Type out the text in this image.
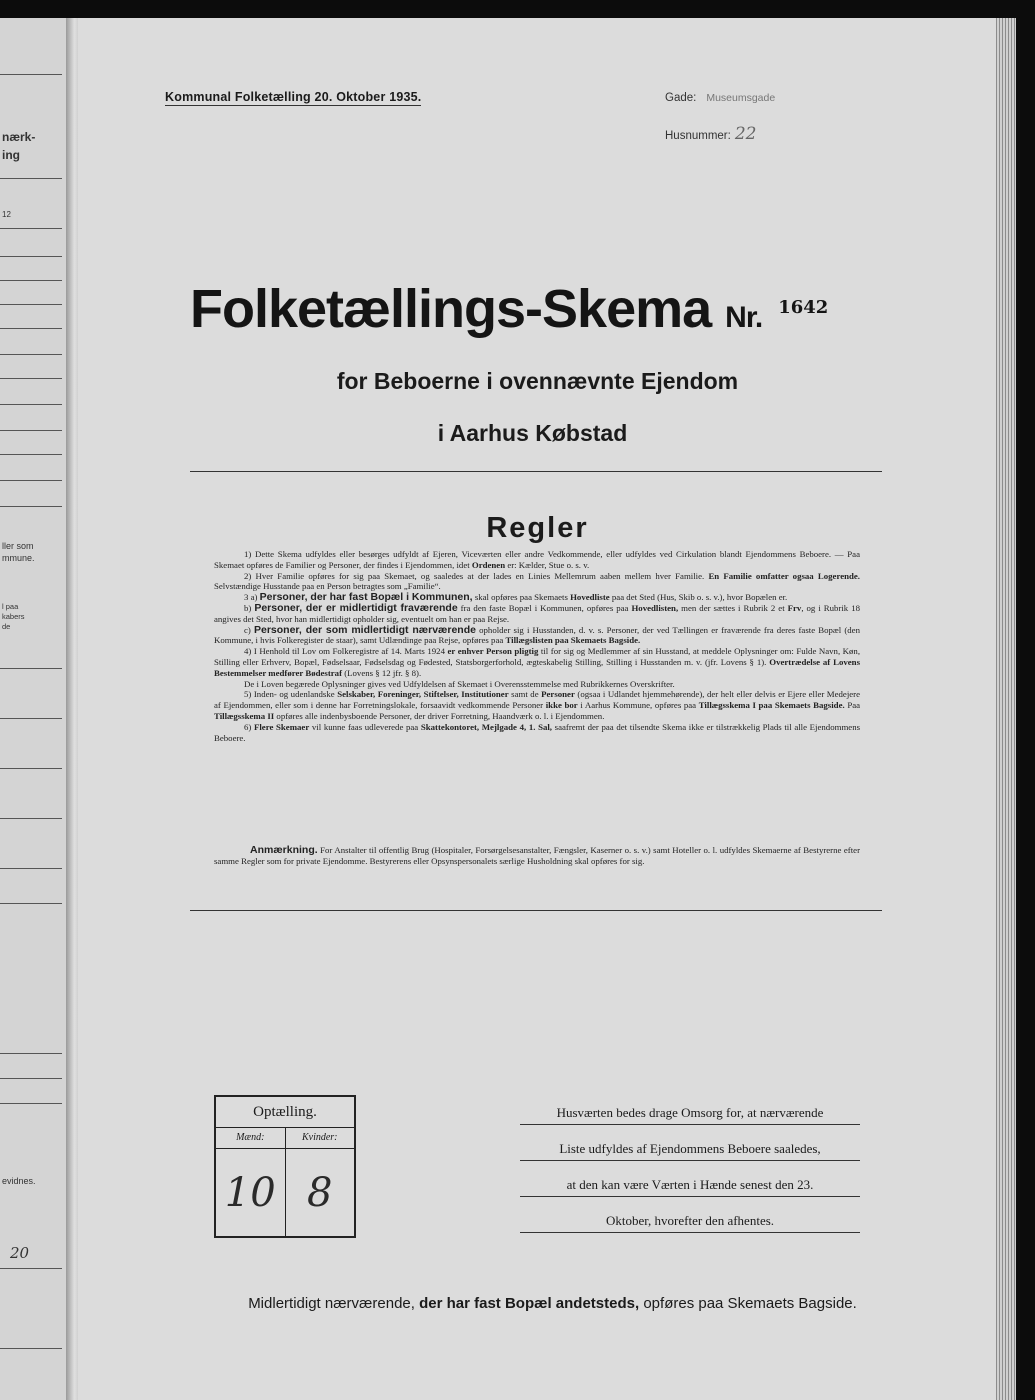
nærk-
ing
12
ller som
mmune.
l paa
kabers
de
evidnes.
20
Kommunal Folketælling 20. Oktober 1935.	Gade: Museumsgade
Husnummer: 22
Folketællings-Skema Nr. $^{1642}$
for Beboerne i ovennævnte Ejendom
i Aarhus Købstad
Regler

1) Dette Skema udfyldes eller besørges udfyldt af Ejeren, Viceværten eller andre Vedkommende, eller udfyldes ved Cirkulation blandt Ejendommens Beboere. — Paa Skemaet opføres de Familier og Personer, der findes i Ejendommen, idet Ordenen er: Kælder, Stue o. s. v.

2) Hver Familie opføres for sig paa Skemaet, og saaledes at der lades en Linies Mellemrum aaben mellem hver Familie. En Familie omfatter ogsaa Logerende. Selvstændige Husstande paa en Person betragtes som „Familie“.

3 a) Personer, der har fast Bopæl i Kommunen, skal opføres paa Skemaets Hovedliste paa det Sted (Hus, Skib o. s. v.), hvor Bopælen er.

b) Personer, der er midlertidigt fraværende fra den faste Bopæl i Kommunen, opføres paa Hovedlisten, men der sættes i Rubrik 2 et Frv, og i Rubrik 18 angives det Sted, hvor han midlertidigt opholder sig, eventuelt om han er paa Rejse.

c) Personer, der som midlertidigt nærværende opholder sig i Husstanden, d. v. s. Personer, der ved Tællingen er fraværende fra deres faste Bopæl (den Kommune, i hvis Folkeregister de staar), samt Udlændinge paa Rejse, opføres paa Tillægslisten paa Skemaets Bagside.

4) I Henhold til Lov om Folkeregistre af 14. Marts 1924 er enhver Person pligtig til for sig og Medlemmer af sin Husstand, at meddele Oplysninger om: Fulde Navn, Køn, Stilling eller Erhverv, Bopæl, Fødselsaar, Fødselsdag og Fødested, Statsborgerforhold, ægteskabelig Stilling, Stilling i Husstanden m. v. (jfr. Lovens § 1). Overtrædelse af Lovens Bestemmelser medfører Bødestraf (Lovens § 12 jfr. § 8).

De i Loven begærede Oplysninger gives ved Udfyldelsen af Skemaet i Overensstemmelse med Rubrikkernes Overskrifter.

5) Inden- og udenlandske Selskaber, Foreninger, Stiftelser, Institutioner samt de Personer (ogsaa i Udlandet hjemmehørende), der helt eller delvis er Ejere eller Medejere af Ejendommen, eller som i denne har Forretningslokale, forsaavidt vedkommende Personer ikke bor i Aarhus Kommune, opføres paa Tillægsskema I paa Skemaets Bagside. Paa Tillægsskema II opføres alle indenbysboende Personer, der driver Forretning, Haandværk o. l. i Ejendommen.

6) Flere Skemaer vil kunne faas udleverede paa Skattekontoret, Mejlgade 4, 1. Sal, saafremt der paa det tilsendte Skema ikke er tilstrækkelig Plads til alle Ejendommens Beboere.

Anmærkning. For Anstalter til offentlig Brug (Hospitaler, Forsørgelsesanstalter, Fængsler, Kaserner o. s. v.) samt Hoteller o. l. udfyldes Skemaerne af Bestyrerne efter samme Regler som for private Ejendomme. Bestyrerens eller Opsynspersonalets særlige Husholdning skal opføres for sig.
Optælling.
Mænd:	Kvinder:
10 8
Husværten bedes drage Omsorg for, at nærværende
Liste udfyldes af Ejendommens Beboere saaledes,
at den kan være Værten i Hænde senest den 23.
Oktober, hvorefter den afhentes.
Midlertidigt nærværende, der har fast Bopæl andetsteds, opføres paa Skemaets Bagside.
